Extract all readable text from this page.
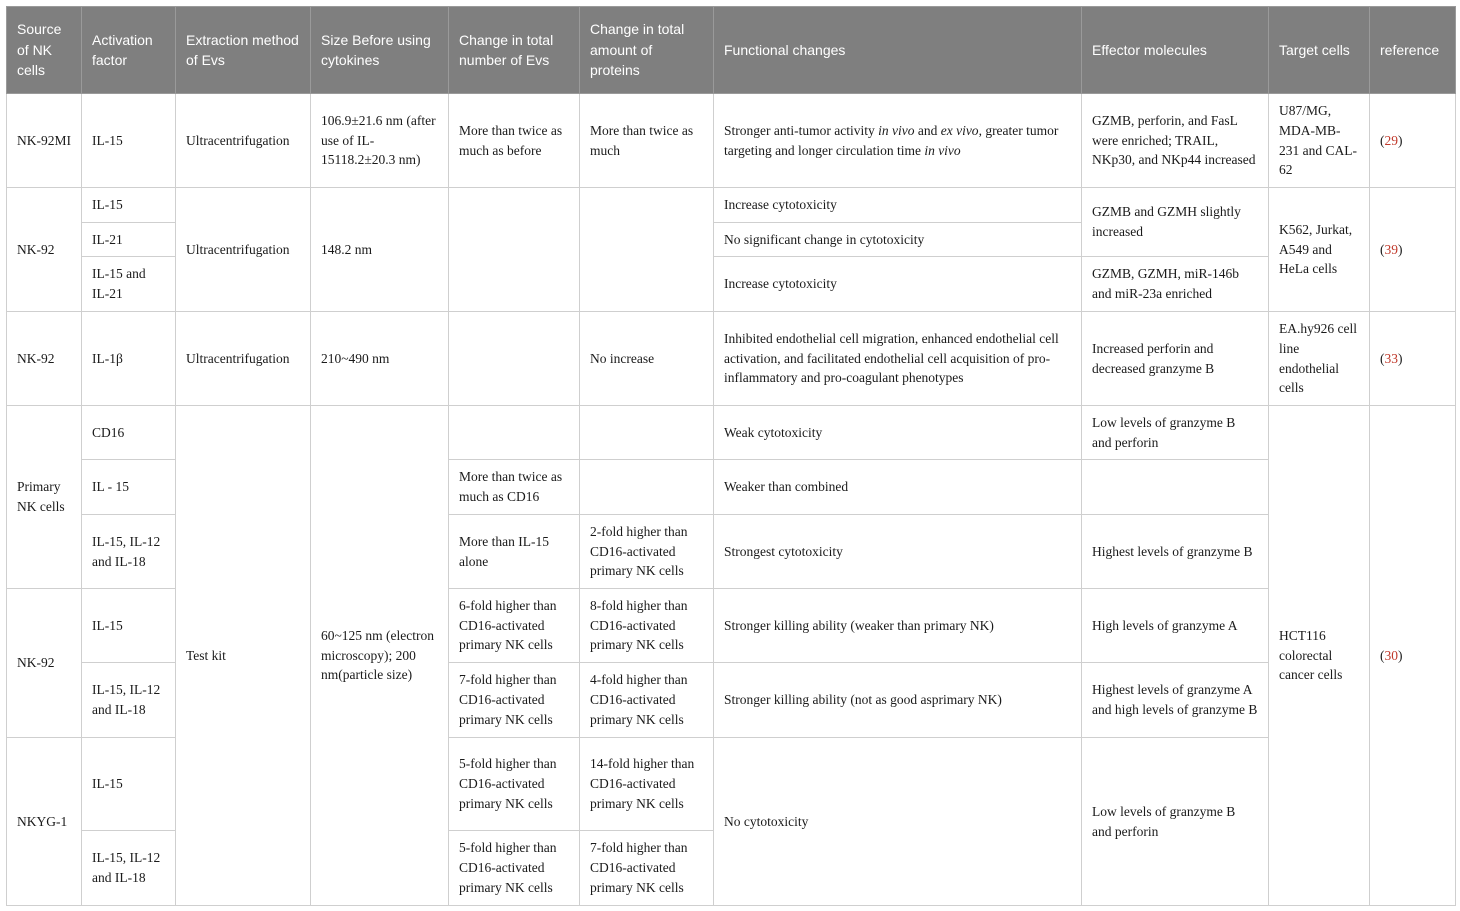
Source of NK cells	Activation factor	Extraction method of Evs	Size Before using cytokines	Change in total number of Evs	Change in total amount of proteins	Functional changes	Effector molecules	Target cells	reference
NK-92MI	IL-15	Ultracentrifugation	106.9±21.6 nm (after use of IL-15118.2±20.3 nm)	More than twice as much as before	More than twice as much	Stronger anti-tumor activity in vivo and ex vivo, greater tumor targeting and longer circulation time in vivo	GZMB, perforin, and FasL were enriched; TRAIL, NKp30, and NKp44 increased	U87/MG, MDA-MB-231 and CAL-62	(29)
NK-92	IL-15	Ultracentrifugation	148.2 nm			Increase cytotoxicity	GZMB and GZMH slightly increased	K562, Jurkat, A549 and HeLa cells	(39)
	IL-21					No significant change in cytotoxicity			
	IL-15 and IL-21					Increase cytotoxicity	GZMB, GZMH, miR-146b and miR-23a enriched		
NK-92	IL-1β	Ultracentrifugation	210~490 nm		No increase	Inhibited endothelial cell migration, enhanced endothelial cell activation, and facilitated endothelial cell acquisition of pro-inflammatory and pro-coagulant phenotypes	Increased perforin and decreased granzyme B	EA.hy926 cell line endothelial cells	(33)
Primary NK cells	CD16	Test kit	60~125 nm (electron microscopy); 200 nm(particle size)			Weak cytotoxicity	Low levels of granzyme B and perforin	HCT116 colorectal cancer cells	(30)
	IL - 15			More than twice as much as CD16		Weaker than combined			
	IL-15, IL-12 and IL-18			More than IL-15 alone	2-fold higher than CD16-activated primary NK cells	Strongest cytotoxicity	Highest levels of granzyme B		
NK-92	IL-15			6-fold higher than CD16-activated primary NK cells	8-fold higher than CD16-activated primary NK cells	Stronger killing ability (weaker than primary NK)	High levels of granzyme A		
	IL-15, IL-12 and IL-18			7-fold higher than CD16-activated primary NK cells	4-fold higher than CD16-activated primary NK cells	Stronger killing ability (not as good asprimary NK)	Highest levels of granzyme A and high levels of granzyme B		
NKYG-1	IL-15			5-fold higher than CD16-activated primary NK cells	14-fold higher than CD16-activated primary NK cells	No cytotoxicity	Low levels of granzyme B and perforin		
	IL-15, IL-12 and IL-18			5-fold higher than CD16-activated primary NK cells	7-fold higher than CD16-activated primary NK cells				
